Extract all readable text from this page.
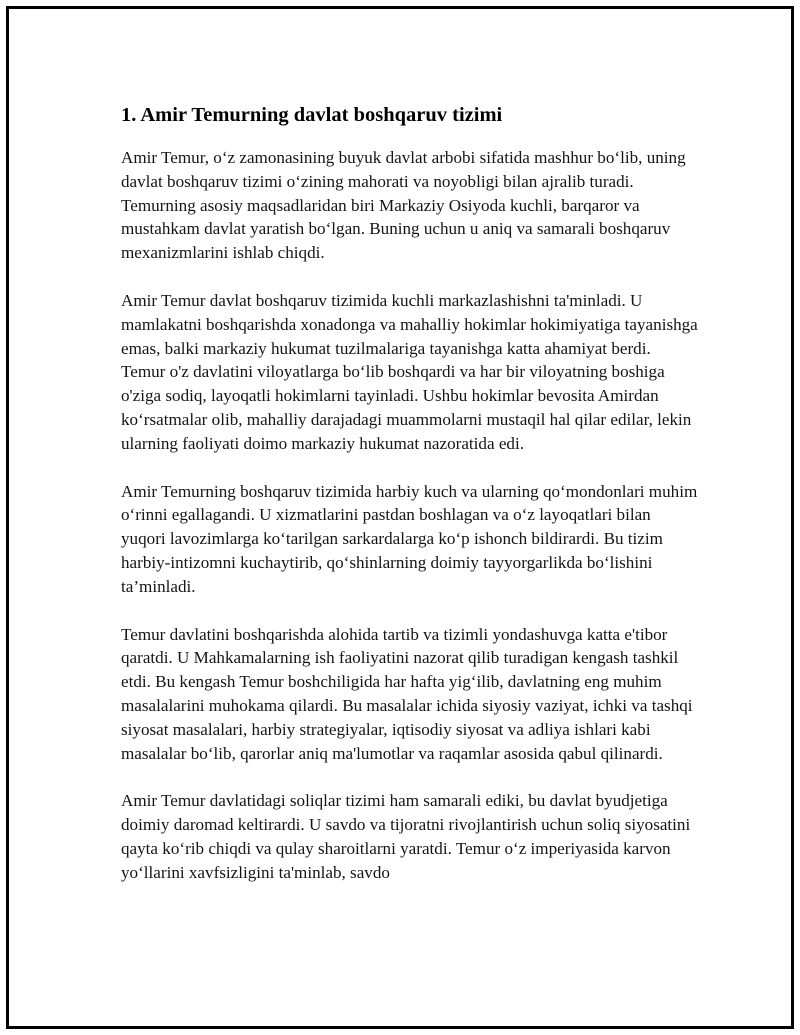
1. Amir Temurning davlat boshqaruv tizimi

Amir Temur, o‘z zamonasining buyuk davlat arbobi sifatida mashhur bo‘lib, uning davlat boshqaruv tizimi o‘zining mahorati va noyobligi bilan ajralib turadi. Temurning asosiy maqsadlaridan biri Markaziy Osiyoda kuchli, barqaror va mustahkam davlat yaratish bo‘lgan. Buning uchun u aniq va samarali boshqaruv mexanizmlarini ishlab chiqdi.

Amir Temur davlat boshqaruv tizimida kuchli markazlashishni ta'minladi. U mamlakatni boshqarishda xonadonga va mahalliy hokimlar hokimiyatiga tayanishga emas, balki markaziy hukumat tuzilmalariga tayanishga katta ahamiyat berdi. Temur o'z davlatini viloyatlarga bo‘lib boshqardi va har bir viloyatning boshiga o'ziga sodiq, layoqatli hokimlarni tayinladi. Ushbu hokimlar bevosita Amirdan ko‘rsatmalar olib, mahalliy darajadagi muammolarni mustaqil hal qilar edilar, lekin ularning faoliyati doimo markaziy hukumat nazoratida edi.

Amir Temurning boshqaruv tizimida harbiy kuch va ularning qo‘mondonlari muhim o‘rinni egallagandi. U xizmatlarini pastdan boshlagan va o‘z layoqatlari bilan yuqori lavozimlarga ko‘tarilgan sarkardalarga ko‘p ishonch bildirardi. Bu tizim harbiy-intizomni kuchaytirib, qo‘shinlarning doimiy tayyorgarlikda bo‘lishini ta’minladi.

Temur davlatini boshqarishda alohida tartib va tizimli yondashuvga katta e'tibor qaratdi. U Mahkamalarning ish faoliyatini nazorat qilib turadigan kengash tashkil etdi. Bu kengash Temur boshchiligida har hafta yig‘ilib, davlatning eng muhim masalalarini muhokama qilardi. Bu masalalar ichida siyosiy vaziyat, ichki va tashqi siyosat masalalari, harbiy strategiyalar, iqtisodiy siyosat va adliya ishlari kabi masalalar bo‘lib, qarorlar aniq ma'lumotlar va raqamlar asosida qabul qilinardi.

Amir Temur davlatidagi soliqlar tizimi ham samarali ediki, bu davlat byudjetiga doimiy daromad keltirardi. U savdo va tijoratni rivojlantirish uchun soliq siyosatini qayta ko‘rib chiqdi va qulay sharoitlarni yaratdi. Temur o‘z imperiyasida karvon yo‘llarini xavfsizligini ta'minlab, savdo
